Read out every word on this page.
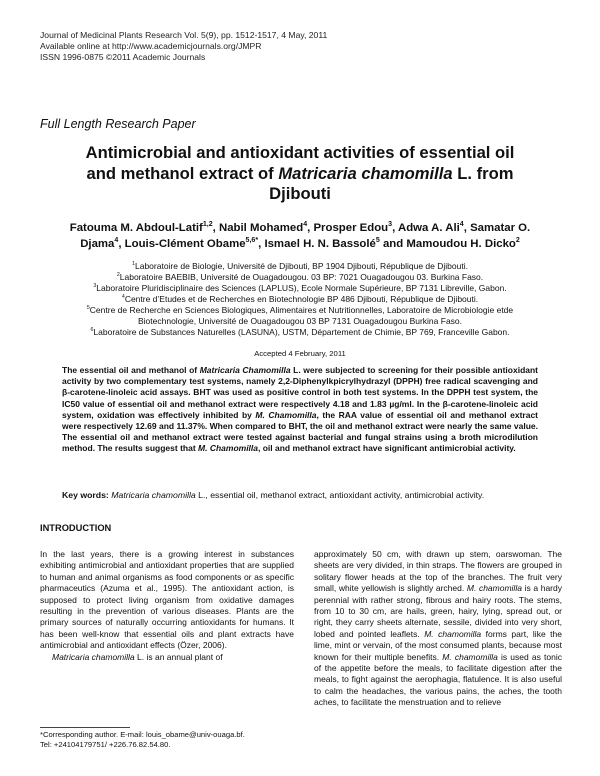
Journal of Medicinal Plants Research Vol. 5(9), pp. 1512-1517, 4 May, 2011
Available online at http://www.academicjournals.org/JMPR
ISSN 1996-0875 ©2011 Academic Journals
Full Length Research Paper
Antimicrobial and antioxidant activities of essential oil
and methanol extract of Matricaria chamomilla L. from
Djibouti
Fatouma M. Abdoul-Latif$^{1,2}$, Nabil Mohamed$^4$, Prosper Edou$^3$, Adwa A. Ali$^4$, Samatar O. Djama$^4$, Louis-Clément Obame$^{5,6*}$, Ismael H. N. Bassolé$^5$ and Mamoudou H. Dicko$^2$
$^1$Laboratoire de Biologie, Université de Djibouti, BP 1904 Djibouti, République de Djibouti.
$^2$Laboratoire BAEBIB, Université de Ouagadougou. 03 BP: 7021 Ouagadougou 03. Burkina Faso.
$^3$Laboratoire Pluridisciplinaire des Sciences (LAPLUS), Ecole Normale Supérieure, BP 7131 Libreville, Gabon.
$^4$Centre d’Etudes et de Recherches en Biotechnologie BP 486 Djibouti, République de Djibouti.
$^5$Centre de Recherche en Sciences Biologiques, Alimentaires et Nutritionnelles, Laboratoire de Microbiologie etde
Biotechnologie, Université de Ouagadougou 03 BP 7131 Ouagadougou Burkina Faso.
$^6$Laboratoire de Substances Naturelles (LASUNA), USTM, Département de Chimie, BP 769, Franceville Gabon.
Accepted 4 February, 2011
The essential oil and methanol of Matricaria Chamomilla L. were subjected to screening for their possible antioxidant activity by two complementary test systems, namely 2,2-Diphenylkpicrylhydrazyl (DPPH) free radical scavenging and β-carotene-linoleic acid assays. BHT was used as positive control in both test systems. In the DPPH test system, the IC50 value of essential oil and methanol extract were respectively 4.18 and 1.83 µg/ml. In the β-carotene-linoleic acid system, oxidation was effectively inhibited by M. Chamomilla, the RAA value of essential oil and methanol extract were respectively 12.69 and 11.37%. When compared to BHT, the oil and methanol extract were nearly the same value. The essential oil and methanol extract were tested against bacterial and fungal strains using a broth microdilution method. The results suggest that M. Chamomilla, oil and methanol extract have significant antimicrobial activity.
Key words: Matricaria chamomilla L., essential oil, methanol extract, antioxidant activity, antimicrobial activity.
INTRODUCTION

In the last years, there is a growing interest in substances exhibiting antimicrobial and antioxidant properties that are supplied to human and animal organisms as food components or as specific pharmaceutics (Azuma et al., 1995). The antioxidant action, is supposed to protect living organism from oxidative damages resulting in the prevention of various diseases. Plants are the primary sources of naturally occurring antioxidants for humans. It has been well-know that essential oils and plant extracts have antimicrobial and antioxidant effects (Özer, 2006).

Matricaria chamomilla L. is an annual plant of

approximately 50 cm, with drawn up stem, oarswoman. The sheets are very divided, in thin straps. The flowers are grouped in solitary flower heads at the top of the branches. The fruit very small, white yellowish is slightly arched. M. chamomilla is a hardy perennial with rather strong, fibrous and hairy roots. The stems, from 10 to 30 cm, are hails, green, hairy, lying, spread out, or right, they carry sheets alternate, sessile, divided into very short, lobed and pointed leaflets. M. chamomilla forms part, like the lime, mint or vervain, of the most consumed plants, because most known for their multiple benefits. M. chamomilla is used as tonic of the appetite before the meals, to facilitate digestion after the meals, to fight against the aerophagia, flatulence. It is also useful to calm the headaches, the various pains, the aches, the tooth aches, to facilitate the menstruation and to relieve
*Corresponding author. E-mail: louis_obame@univ-ouaga.bf.
Tel: +24104179751/ +226.76.82.54.80.
